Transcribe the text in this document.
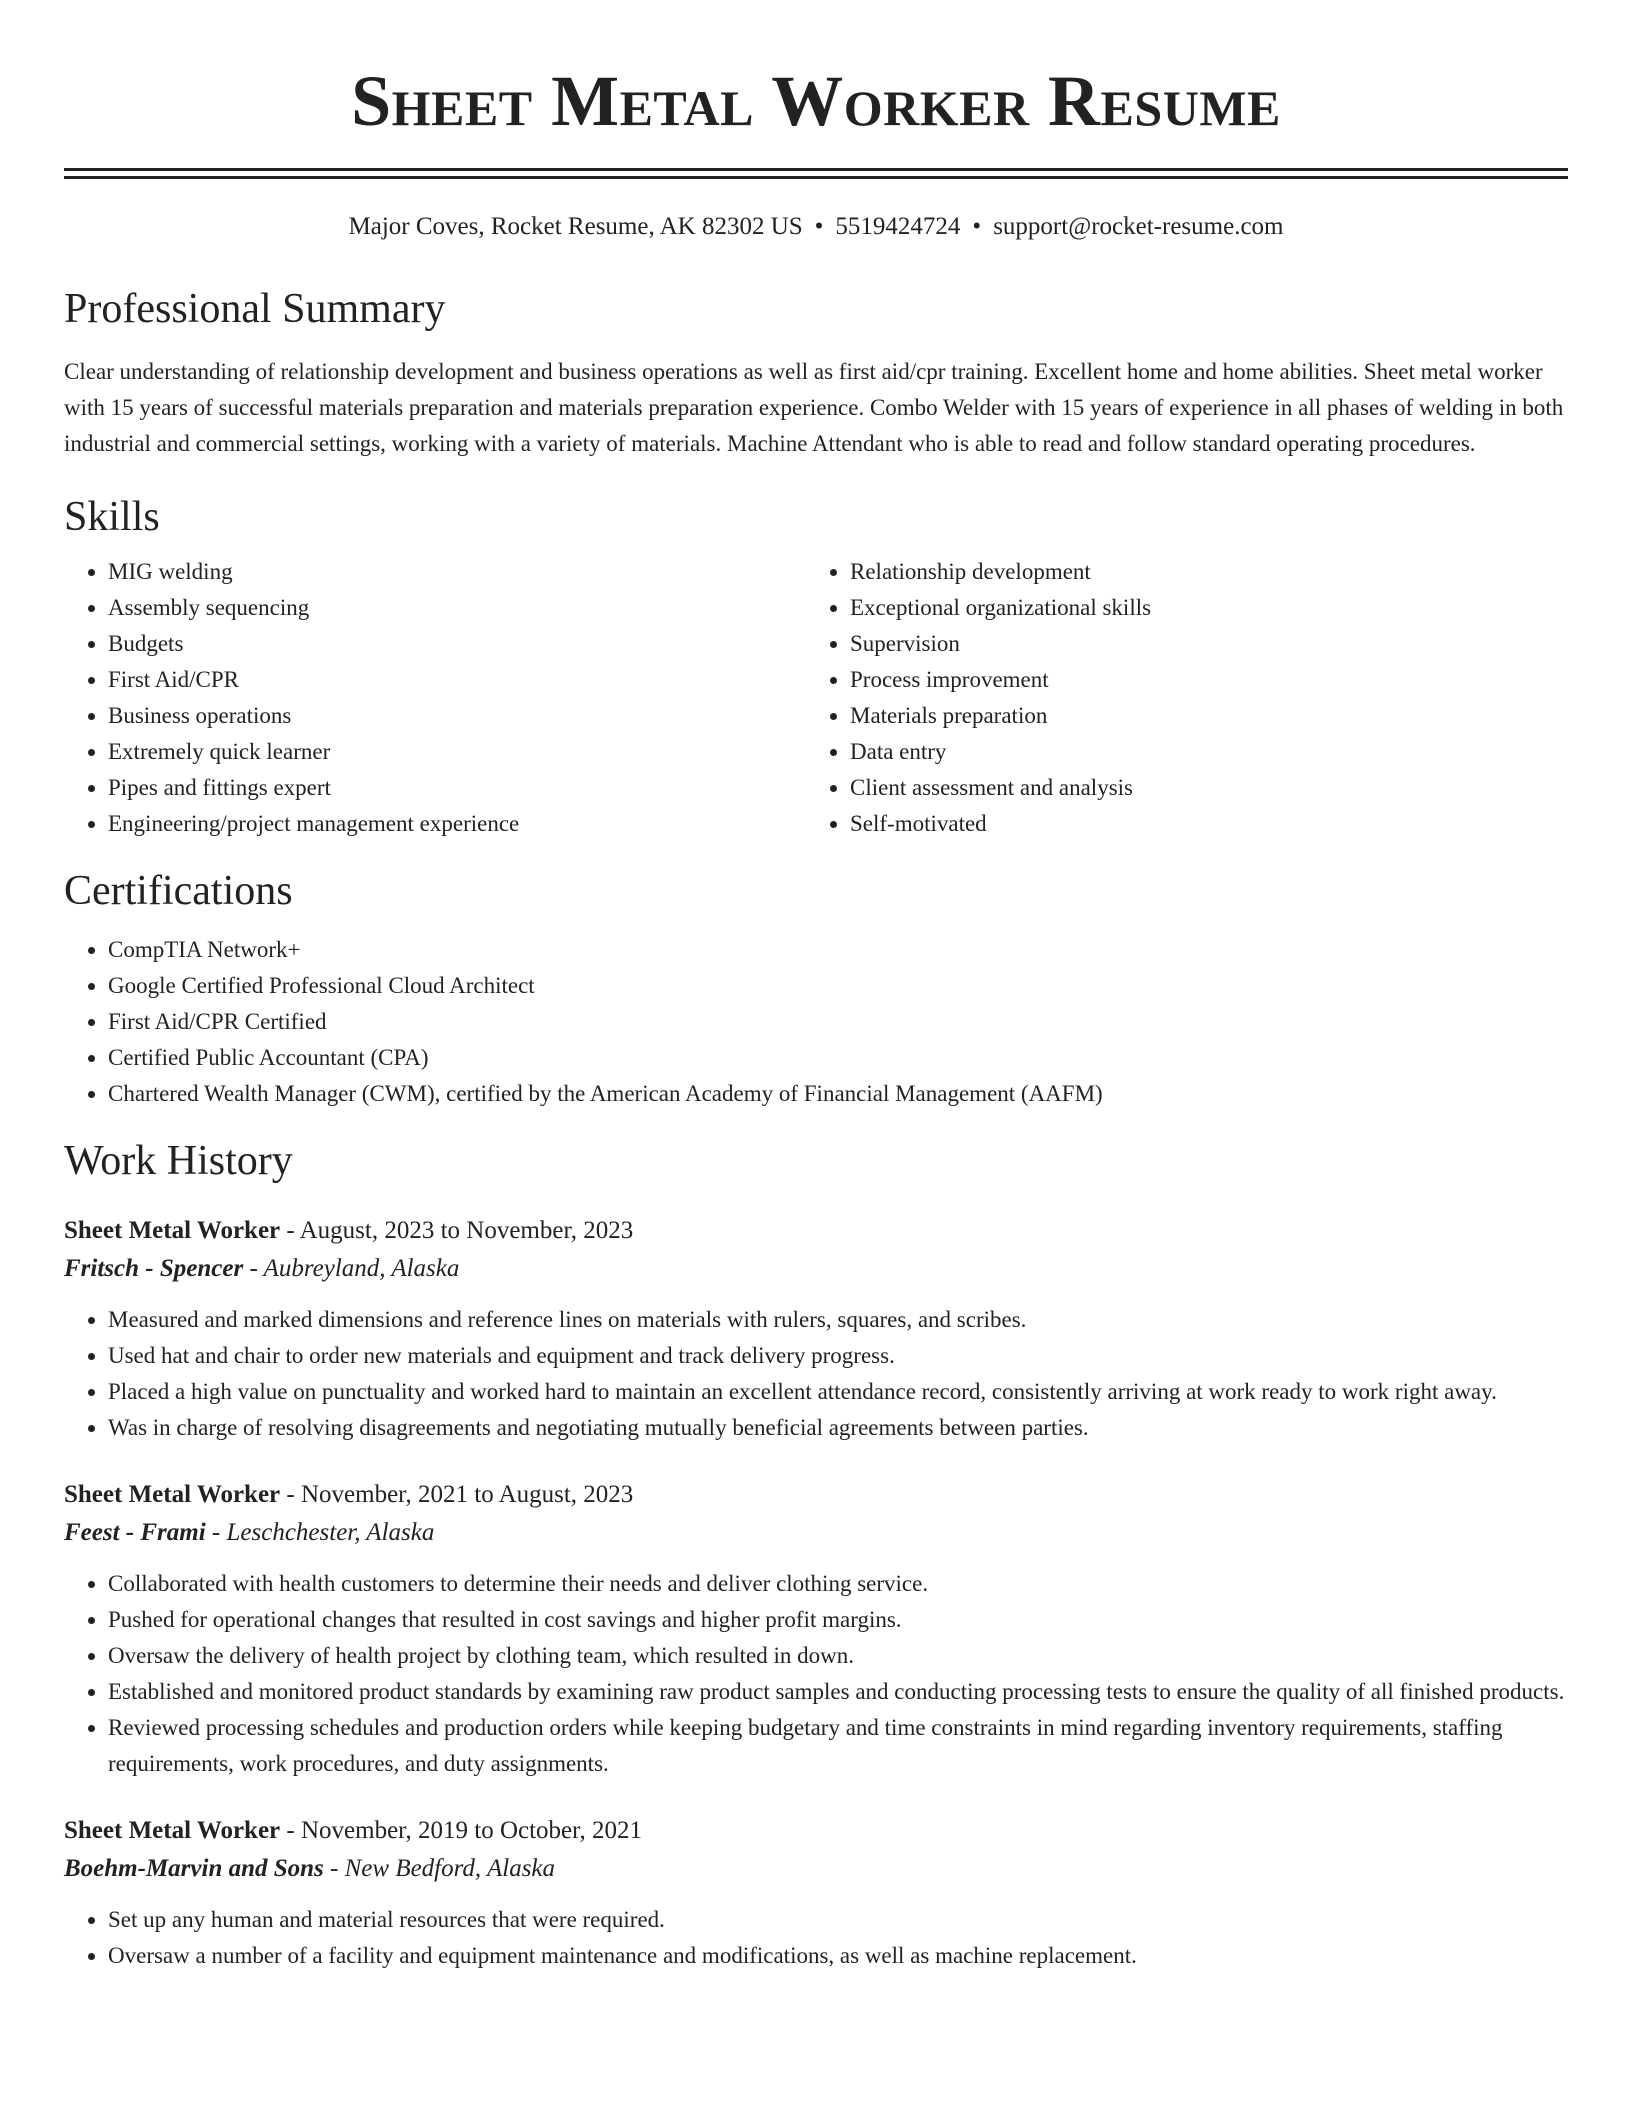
Sheet Metal Worker Resume
Major Coves, Rocket Resume, AK 82302 US • 5519424724 • support@rocket-resume.com
Professional Summary

Clear understanding of relationship development and business operations as well as first aid/cpr training. Excellent home and home abilities. Sheet metal worker with 15 years of successful materials preparation and materials preparation experience. Combo Welder with 15 years of experience in all phases of welding in both industrial and commercial settings, working with a variety of materials. Machine Attendant who is able to read and follow standard operating procedures.

Skills
• MIG welding
• Assembly sequencing
• Budgets
• First Aid/CPR
• Business operations
• Extremely quick learner
• Pipes and fittings expert
• Engineering/project management experience
• Relationship development
• Exceptional organizational skills
• Supervision
• Process improvement
• Materials preparation
• Data entry
• Client assessment and analysis
• Self-motivated
Certifications
• CompTIA Network+
• Google Certified Professional Cloud Architect
• First Aid/CPR Certified
• Certified Public Accountant (CPA)
• Chartered Wealth Manager (CWM), certified by the American Academy of Financial Management (AAFM)
Work History
Sheet Metal Worker - August, 2023 to November, 2023
Fritsch - Spencer - Aubreyland, Alaska
• Measured and marked dimensions and reference lines on materials with rulers, squares, and scribes.
• Used hat and chair to order new materials and equipment and track delivery progress.
• Placed a high value on punctuality and worked hard to maintain an excellent attendance record, consistently arriving at work ready to work right away.
• Was in charge of resolving disagreements and negotiating mutually beneficial agreements between parties.
Sheet Metal Worker - November, 2021 to August, 2023
Feest - Frami - Leschchester, Alaska
• Collaborated with health customers to determine their needs and deliver clothing service.
• Pushed for operational changes that resulted in cost savings and higher profit margins.
• Oversaw the delivery of health project by clothing team, which resulted in down.
• Established and monitored product standards by examining raw product samples and conducting processing tests to ensure the quality of all finished products.
• Reviewed processing schedules and production orders while keeping budgetary and time constraints in mind regarding inventory requirements, staffing requirements, work procedures, and duty assignments.
Sheet Metal Worker - November, 2019 to October, 2021
Boehm-Marvin and Sons - New Bedford, Alaska
• Set up any human and material resources that were required.
• Oversaw a number of a facility and equipment maintenance and modifications, as well as machine replacement.
